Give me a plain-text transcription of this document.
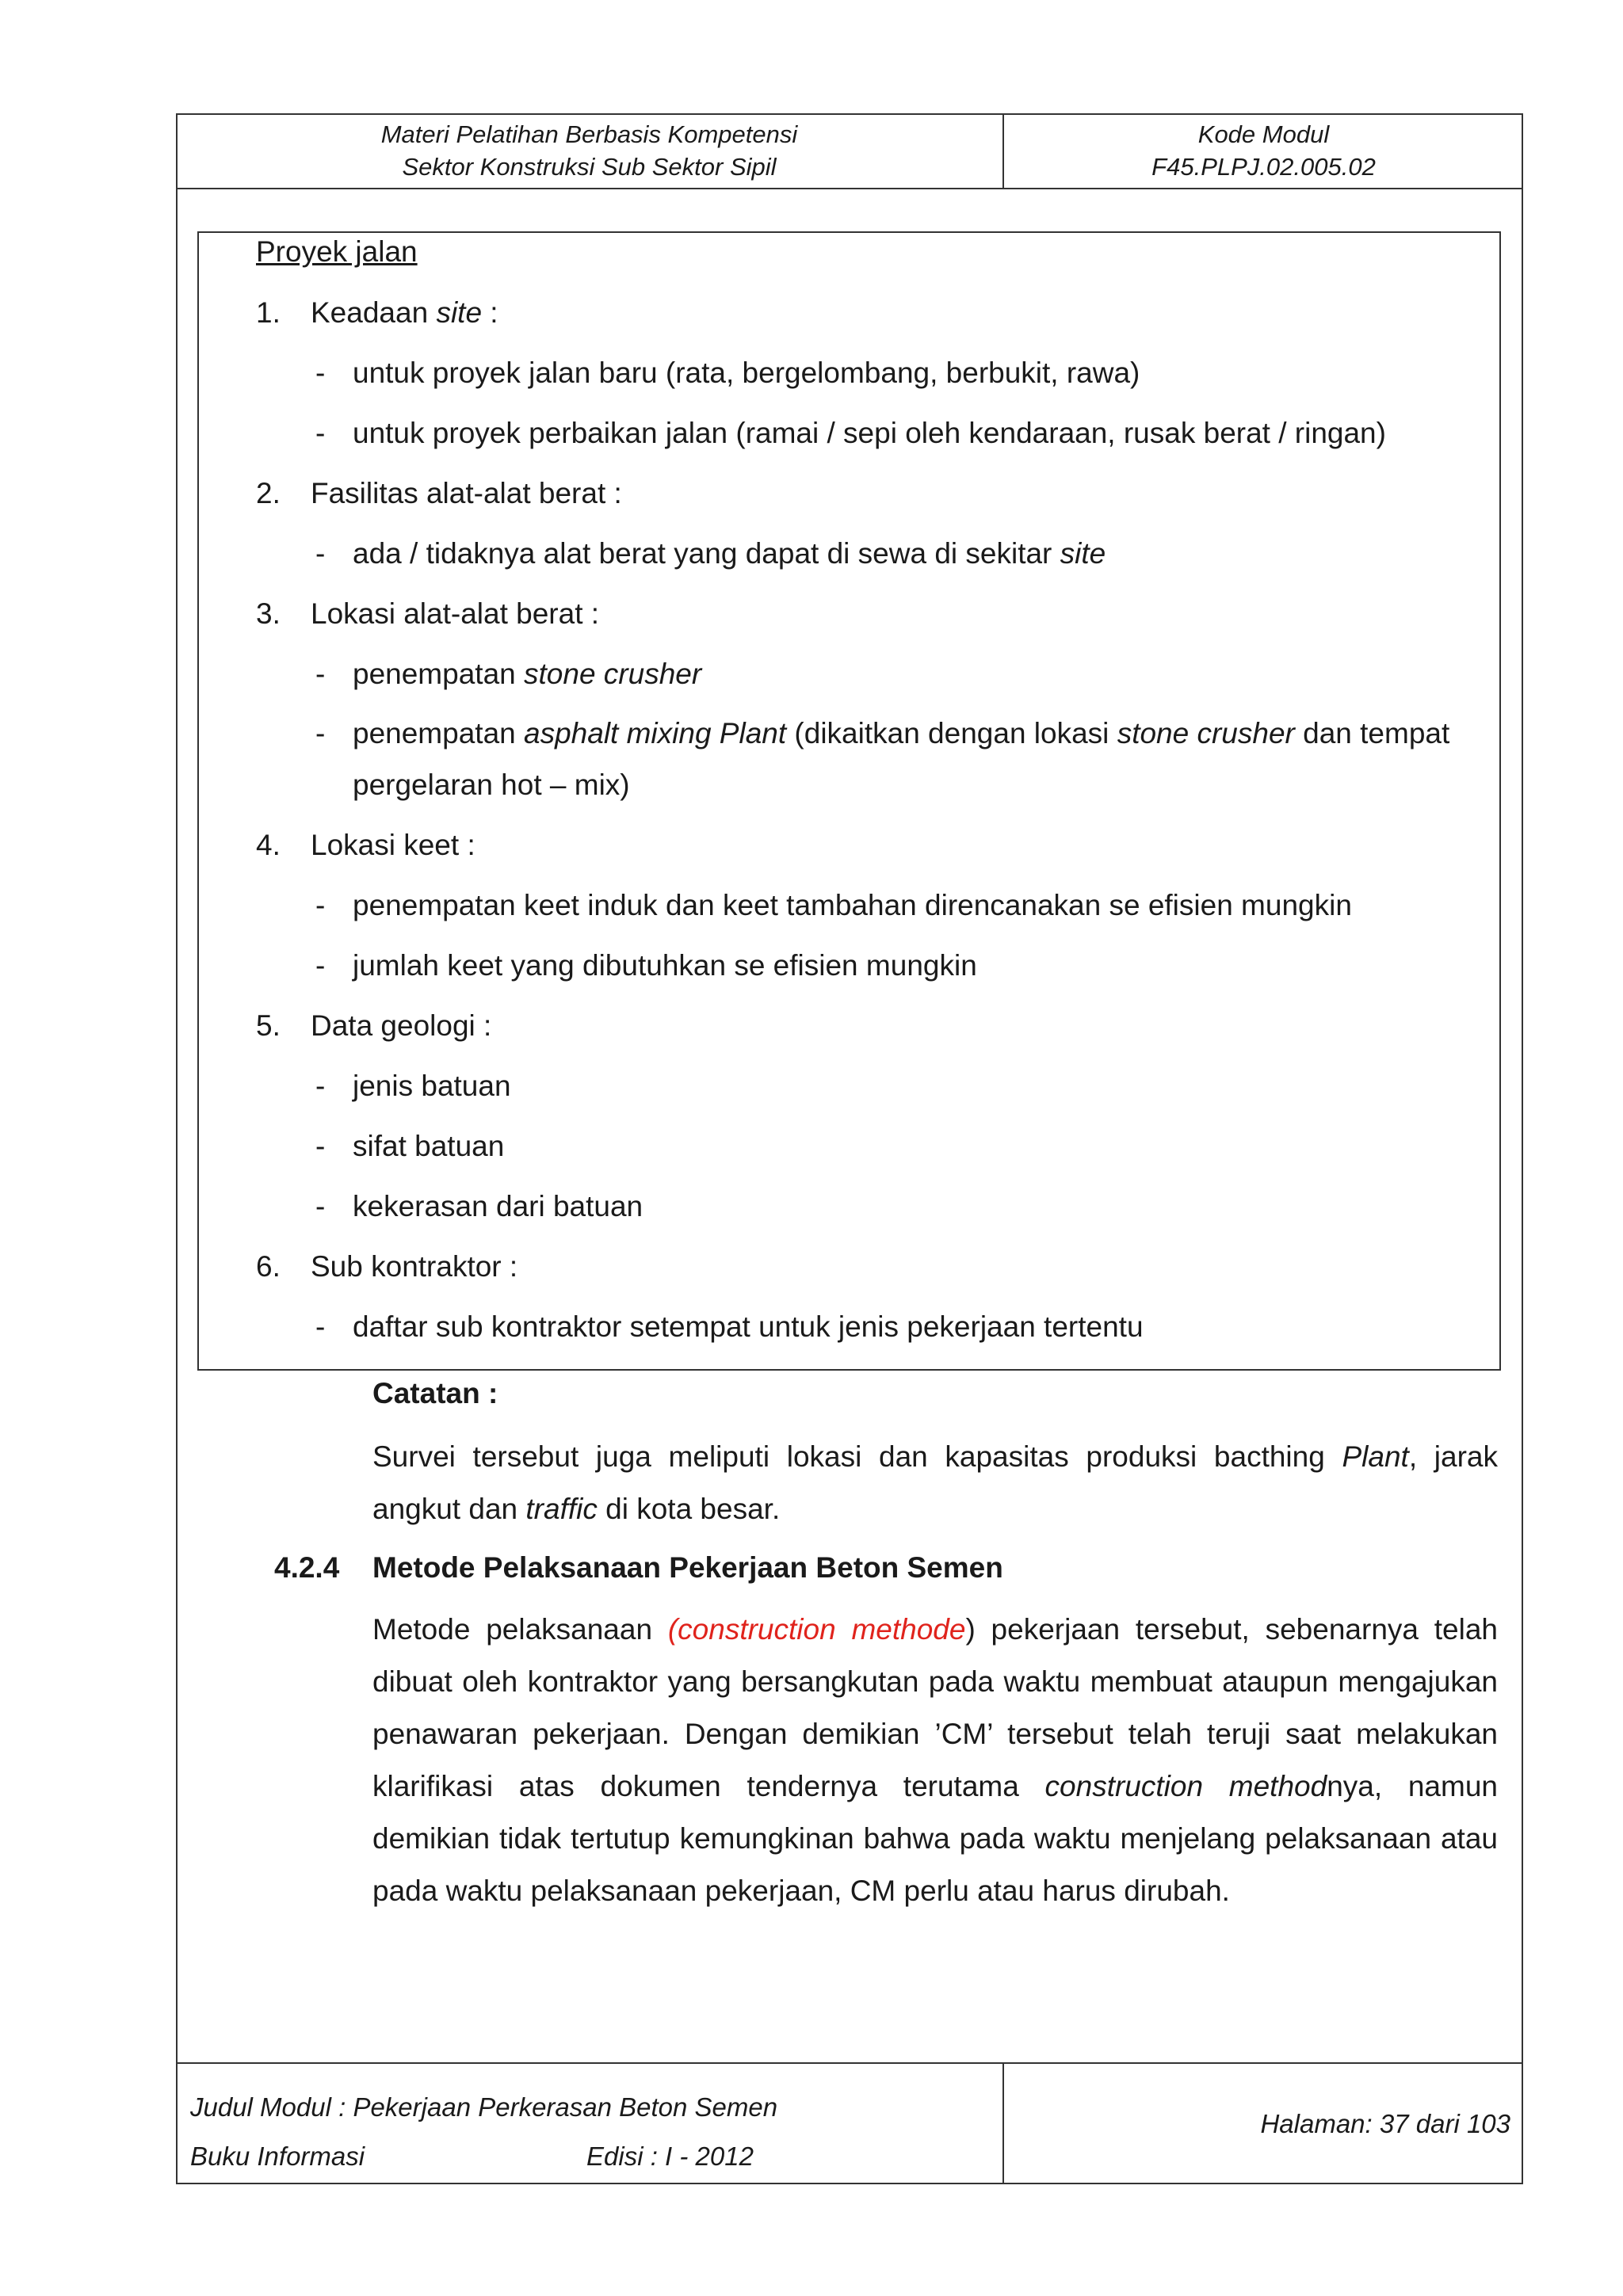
Materi Pelatihan Berbasis Kompetensi
Sektor Konstruksi Sub Sektor Sipil
Kode Modul
F45.PLPJ.02.005.02
Proyek jalan
1. Keadaan site :
- untuk proyek jalan baru (rata, bergelombang, berbukit, rawa)
- untuk proyek perbaikan jalan (ramai / sepi oleh kendaraan, rusak berat / ringan)
2. Fasilitas alat-alat berat :
- ada / tidaknya alat berat yang dapat di sewa di sekitar site
3. Lokasi alat-alat berat :
- penempatan stone crusher
- penempatan asphalt mixing Plant (dikaitkan dengan lokasi stone crusher dan tempat
pergelaran hot – mix)
4. Lokasi keet :
- penempatan keet induk dan keet tambahan direncanakan se efisien mungkin
- jumlah keet yang dibutuhkan se efisien mungkin
5. Data geologi :
- jenis batuan
- sifat batuan
- kekerasan dari batuan
6. Sub kontraktor :
- daftar sub kontraktor setempat untuk jenis pekerjaan tertentu
Catatan :
Survei tersebut juga meliputi lokasi dan kapasitas produksi bacthing Plant, jarak angkut dan traffic di kota besar.
4.2.4 Metode Pelaksanaan Pekerjaan Beton Semen
Metode pelaksanaan (construction methode) pekerjaan tersebut, sebenarnya telah dibuat oleh kontraktor yang bersangkutan pada waktu membuat ataupun mengajukan penawaran pekerjaan. Dengan demikian ’CM’ tersebut telah teruji saat melakukan klarifikasi atas dokumen tendernya terutama construction methodnya, namun demikian tidak tertutup kemungkinan bahwa pada waktu menjelang pelaksanaan atau pada waktu pelaksanaan pekerjaan, CM perlu atau harus dirubah.
Judul Modul : Pekerjaan Perkerasan Beton Semen
Buku Informasi	Edisi : I - 2012
Halaman: 37 dari 103
